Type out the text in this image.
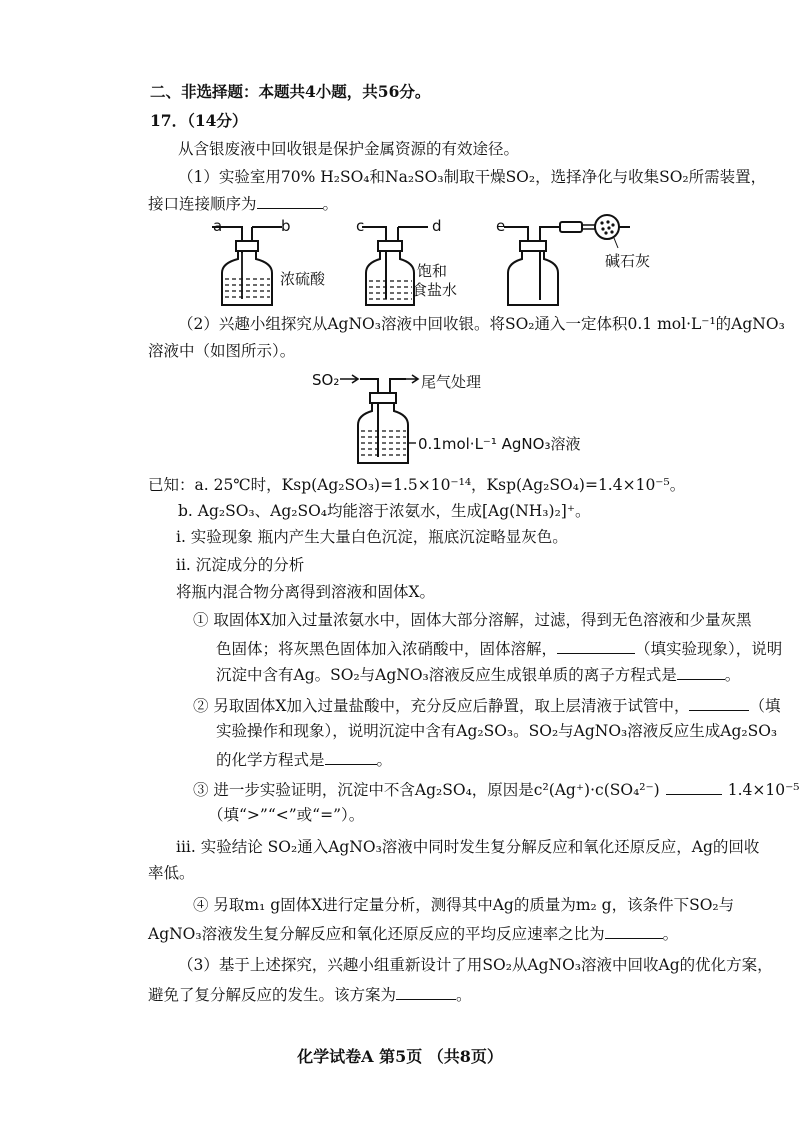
二、非选择题：本题共4小题，共56分。
17．（14分）
从含银废液中回收银是保护金属资源的有效途径。
（1）实验室用70% H₂SO₄和Na₂SO₃制取干燥SO₂，选择净化与收集SO₂所需装置，
接口连接顺序为	。
a	b
浓硫酸
c	d
饱和
食盐水
e
碱石灰
（2）兴趣小组探究从AgNO₃溶液中回收银。将SO₂通入一定体积0.1 mol·L⁻¹的AgNO₃
溶液中（如图所示）。
SO₂	尾气处理
0.1mol·L⁻¹ AgNO₃溶液
已知：a. 25℃时，Ksp(Ag₂SO₃)=1.5×10⁻¹⁴，Ksp(Ag₂SO₄)=1.4×10⁻⁵。
b. Ag₂SO₃、Ag₂SO₄均能溶于浓氨水，生成[Ag(NH₃)₂]⁺。
i. 实验现象 瓶内产生大量白色沉淀，瓶底沉淀略显灰色。
ii. 沉淀成分的分析
将瓶内混合物分离得到溶液和固体X。
① 取固体X加入过量浓氨水中，固体大部分溶解，过滤，得到无色溶液和少量灰黑
色固体；将灰黑色固体加入浓硝酸中，固体溶解，	（填实验现象），说明
沉淀中含有Ag。SO₂与AgNO₃溶液反应生成银单质的离子方程式是	。
② 另取固体X加入过量盐酸中，充分反应后静置，取上层清液于试管中，	（填
实验操作和现象），说明沉淀中含有Ag₂SO₃。SO₂与AgNO₃溶液反应生成Ag₂SO₃
的化学方程式是	。
③ 进一步实验证明，沉淀中不含Ag₂SO₄，原因是c²(Ag⁺)·c(SO₄²⁻)	1.4×10⁻⁵
（填“>”“<”或“=”）。
iii. 实验结论 SO₂通入AgNO₃溶液中同时发生复分解反应和氧化还原反应，Ag的回收
率低。
④ 另取m₁ g固体X进行定量分析，测得其中Ag的质量为m₂ g，该条件下SO₂与
AgNO₃溶液发生复分解反应和氧化还原反应的平均反应速率之比为	。
（3）基于上述探究，兴趣小组重新设计了用SO₂从AgNO₃溶液中回收Ag的优化方案，
避免了复分解反应的发生。该方案为	。
化学试卷A 第5页 （共8页）
